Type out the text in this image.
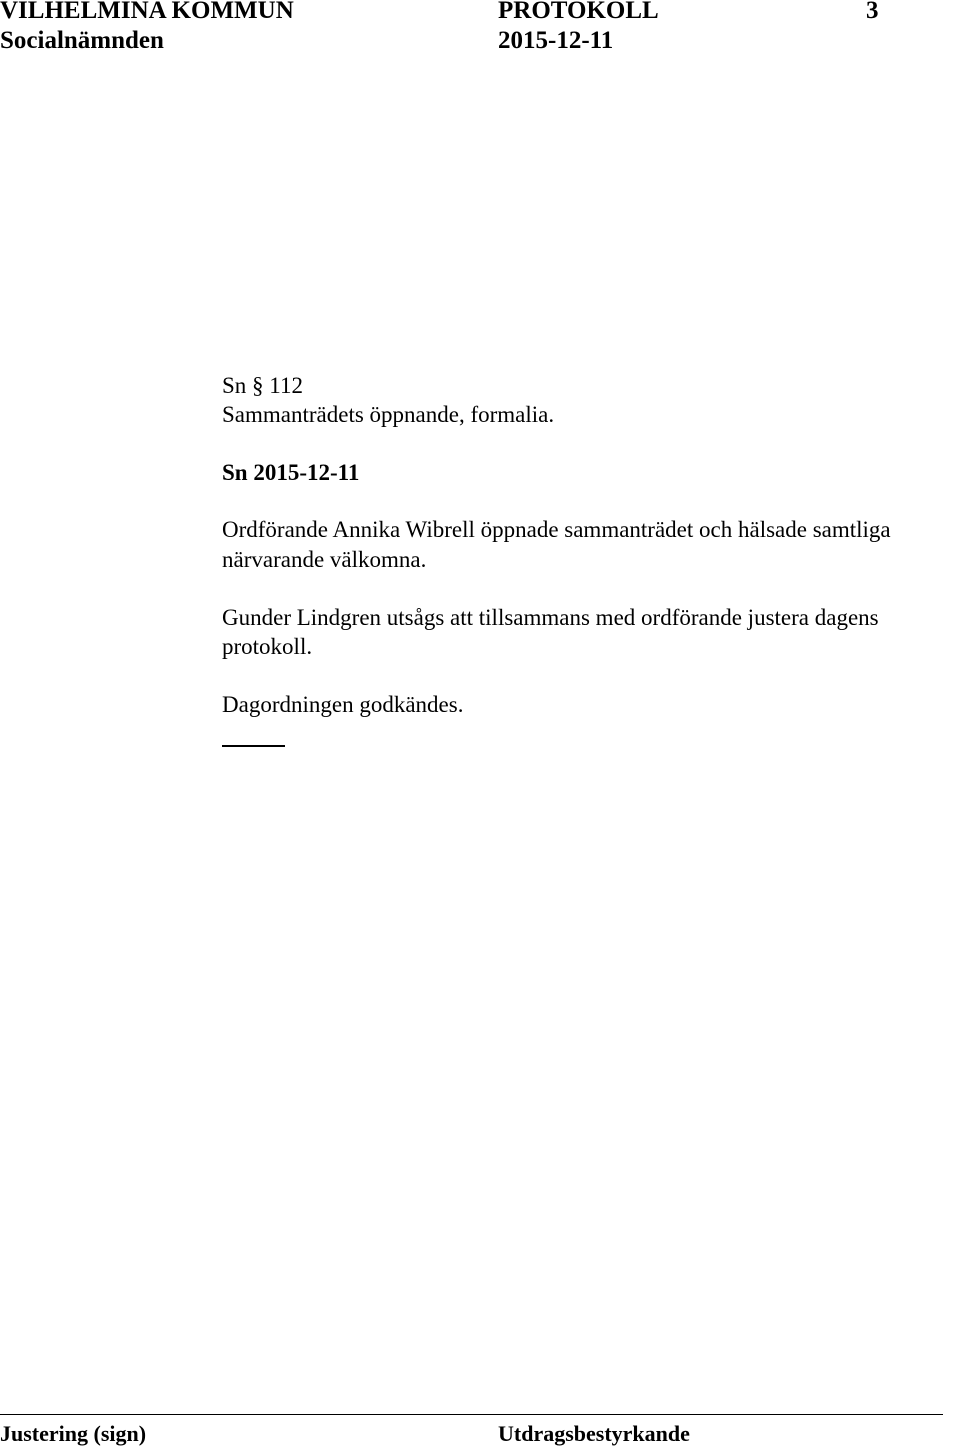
VILHELMINA KOMMUN	PROTOKOLL	3
Socialnämnden	2015-12-11
Sn § 112
Sammanträdets öppnande, formalia.
Sn 2015-12-11
Ordförande Annika Wibrell öppnade sammanträdet och hälsade samtliga
närvarande välkomna.
Gunder Lindgren utsågs att tillsammans med ordförande justera dagens
protokoll.
Dagordningen godkändes.
Justering (sign)	Utdragsbestyrkande
